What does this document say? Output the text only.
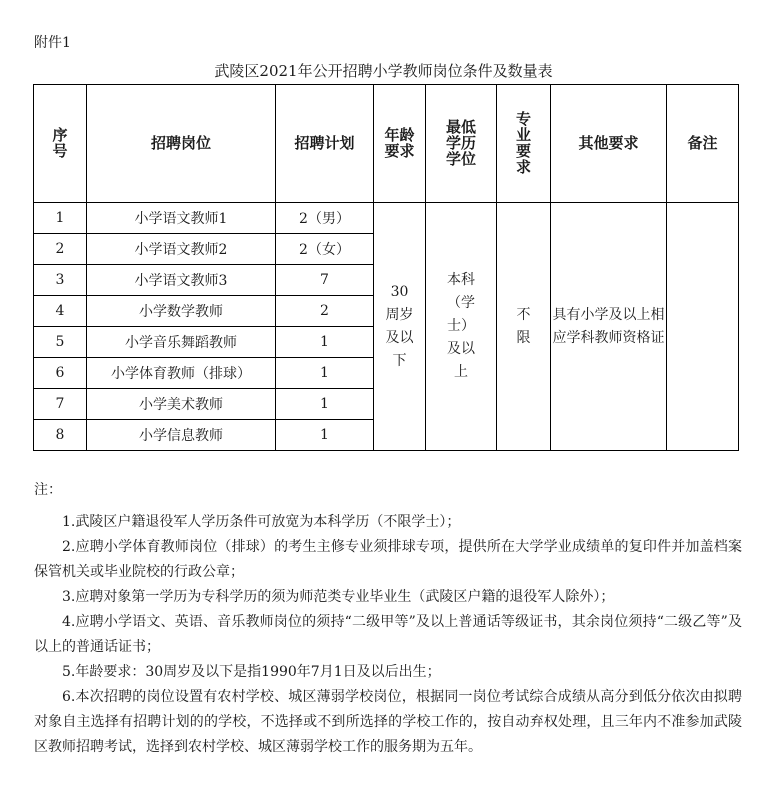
附件1
武陵区2021年公开招聘小学教师岗位条件及数量表
序号	招聘岗位	招聘计划	年龄要求	最低学历学位	专业要求	其他要求	备注
1	小学语文教师1	2（男）	30周岁及以下	本科（学士）及以上	不限	具有小学及以上相应学科教师资格证	
2	小学语文教师2	2（女）					
3	小学语文教师3	7					
4	小学数学教师	2					
5	小学音乐舞蹈教师	1					
6	小学体育教师（排球）	1					
7	小学美术教师	1					
8	小学信息教师	1					

注：

1.武陵区户籍退役军人学历条件可放宽为本科学历（不限学士）；

2.应聘小学体育教师岗位（排球）的考生主修专业须排球专项，提供所在大学学业成绩单的复印件并加盖档案保管机关或毕业院校的行政公章；

3.应聘对象第一学历为专科学历的须为师范类专业毕业生（武陵区户籍的退役军人除外）；

4.应聘小学语文、英语、音乐教师岗位的须持“二级甲等”及以上普通话等级证书，其余岗位须持“二级乙等”及以上的普通话证书；

5.年龄要求：30周岁及以下是指1990年7月1日及以后出生；

6.本次招聘的岗位设置有农村学校、城区薄弱学校岗位，根据同一岗位考试综合成绩从高分到低分依次由拟聘对象自主选择有招聘计划的的学校，不选择或不到所选择的学校工作的，按自动弃权处理，且三年内不准参加武陵区教师招聘考试，选择到农村学校、城区薄弱学校工作的服务期为五年。
